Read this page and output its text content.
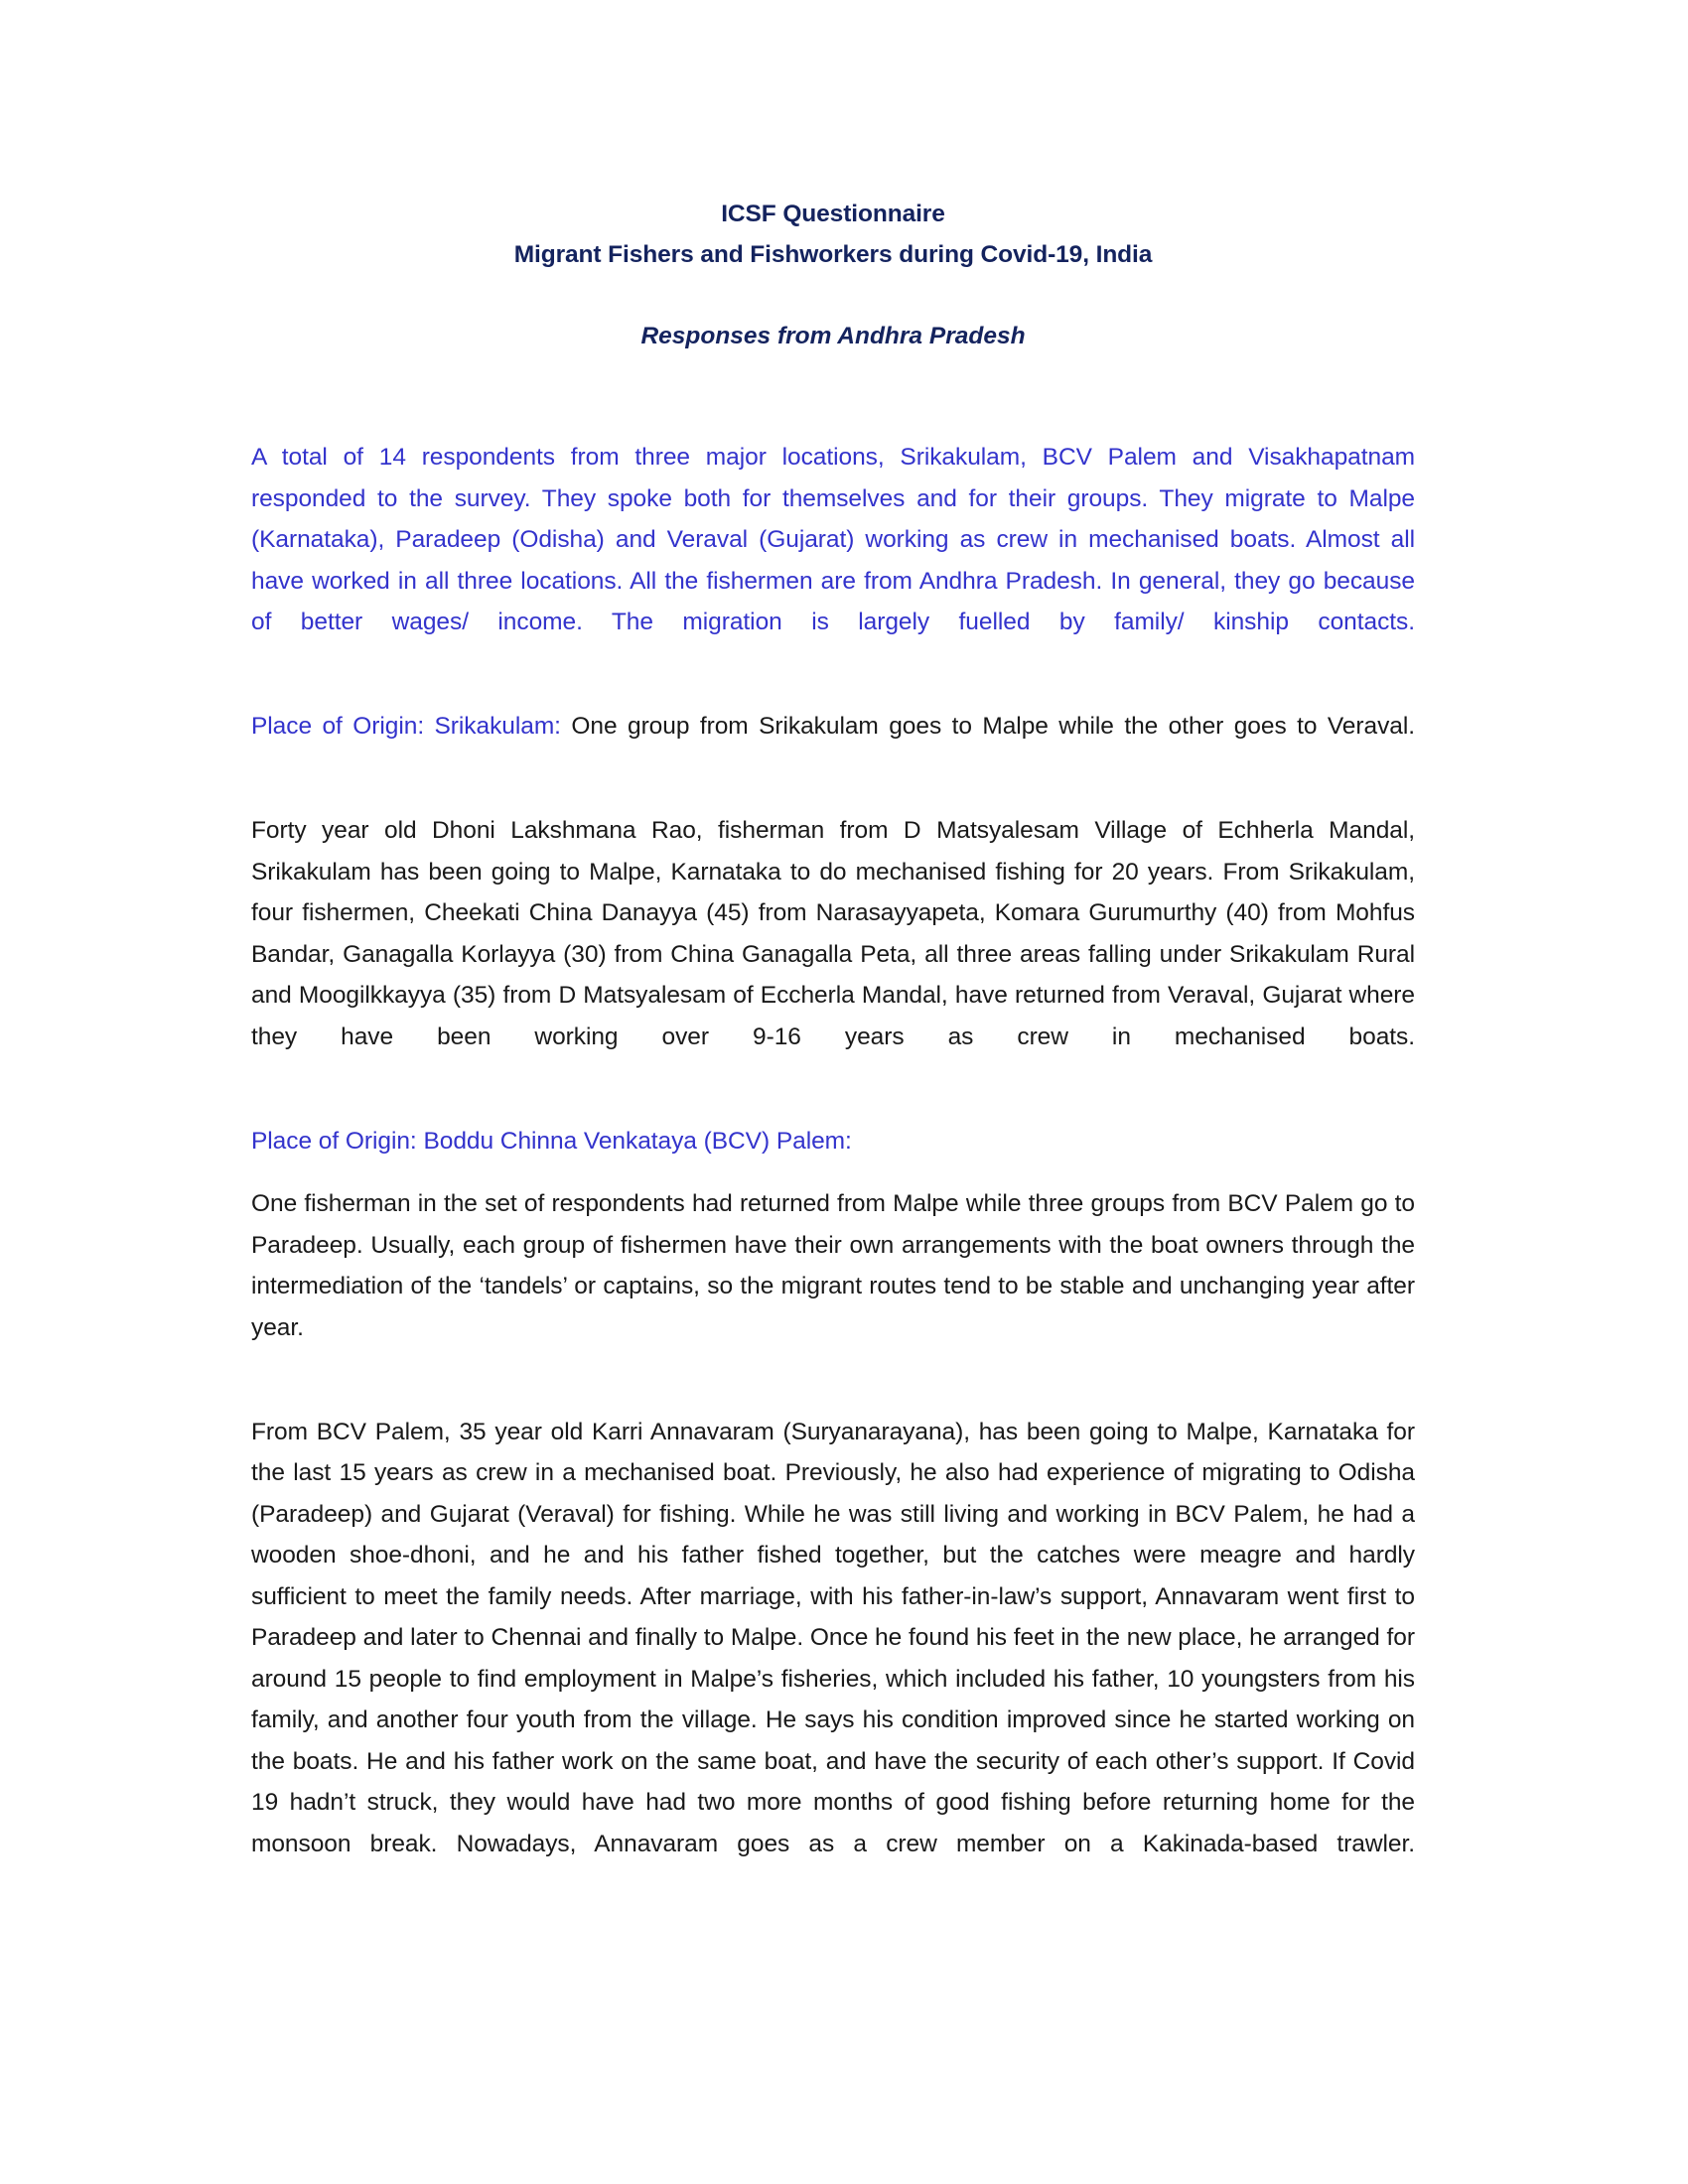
ICSF Questionnaire
Migrant Fishers and Fishworkers during Covid-19, India
Responses from Andhra Pradesh

A total of 14 respondents from three major locations, Srikakulam, BCV Palem and Visakhapatnam responded to the survey. They spoke both for themselves and for their groups. They migrate to Malpe (Karnataka), Paradeep (Odisha) and Veraval (Gujarat) working as crew in mechanised boats. Almost all have worked in all three locations. All the fishermen are from Andhra Pradesh. In general, they go because of better wages/ income. The migration is largely fuelled by family/ kinship contacts.

Place of Origin: Srikakulam: One group from Srikakulam goes to Malpe while the other goes to Veraval.

Forty year old Dhoni Lakshmana Rao, fisherman from D Matsyalesam Village of Echherla Mandal, Srikakulam has been going to Malpe, Karnataka to do mechanised fishing for 20 years. From Srikakulam, four fishermen, Cheekati China Danayya (45) from Narasayyapeta, Komara Gurumurthy (40) from Mohfus Bandar, Ganagalla Korlayya (30) from China Ganagalla Peta, all three areas falling under Srikakulam Rural and Moogilkkayya (35) from D Matsyalesam of Eccherla Mandal, have returned from Veraval, Gujarat where they have been working over 9-16 years as crew in mechanised boats.

Place of Origin: Boddu Chinna Venkataya (BCV) Palem:

One fisherman in the set of respondents had returned from Malpe while three groups from BCV Palem go to Paradeep. Usually, each group of fishermen have their own arrangements with the boat owners through the intermediation of the ‘tandels’ or captains, so the migrant routes tend to be stable and unchanging year after year.

From BCV Palem, 35 year old Karri Annavaram (Suryanarayana), has been going to Malpe, Karnataka for the last 15 years as crew in a mechanised boat. Previously, he also had experience of migrating to Odisha (Paradeep) and Gujarat (Veraval) for fishing. While he was still living and working in BCV Palem, he had a wooden shoe-dhoni, and he and his father fished together, but the catches were meagre and hardly sufficient to meet the family needs. After marriage, with his father-in-law’s support, Annavaram went first to Paradeep and later to Chennai and finally to Malpe. Once he found his feet in the new place, he arranged for around 15 people to find employment in Malpe’s fisheries, which included his father, 10 youngsters from his family, and another four youth from the village. He says his condition improved since he started working on the boats. He and his father work on the same boat, and have the security of each other’s support. If Covid 19 hadn’t struck, they would have had two more months of good fishing before returning home for the monsoon break. Nowadays, Annavaram goes as a crew member on a Kakinada-based trawler.
